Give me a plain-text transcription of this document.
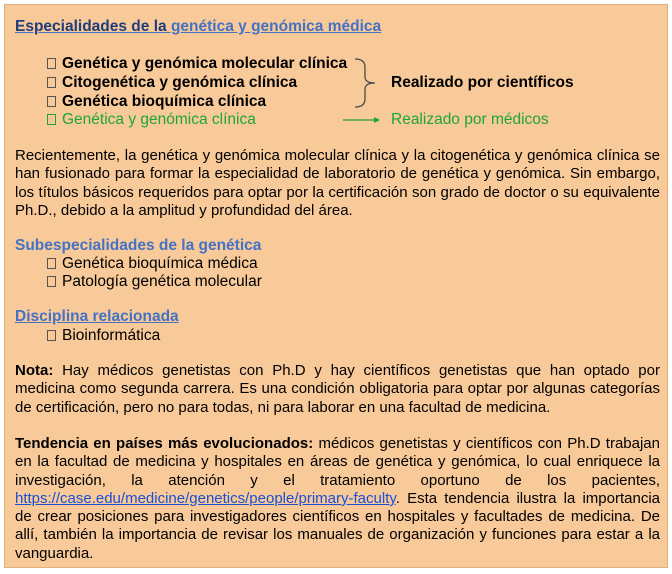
Especialidades de la genética y genómica médica
Genética y genómica molecular clínica
Citogenética y genómica clínica
Genética bioquímica clínica
Genética y genómica clínica
Realizado por científicos
Realizado por médicos

Recientemente, la genética y genómica molecular clínica y la citogenética y genómica clínica se han fusionado para formar la especialidad de laboratorio de genética y genómica. Sin embargo, los títulos básicos requeridos para optar por la certificación son grado de doctor o su equivalente Ph.D., debido a la amplitud y profundidad del área.

Subespecialidades de la genética
Genética bioquímica médica
Patología genética molecular
Disciplina relacionada
Bioinformática

Nota: Hay médicos genetistas con Ph.D y hay científicos genetistas que han optado por medicina como segunda carrera. Es una condición obligatoria para optar por algunas categorías de certificación, pero no para todas, ni para laborar en una facultad de medicina.

Tendencia en países más evolucionados: médicos genetistas y científicos con Ph.D trabajan en la facultad de medicina y hospitales en áreas de genética y genómica, lo cual enriquece la investigación, la atención y el tratamiento oportuno de los pacientes, https://case.edu/medicine/genetics/people/primary-faculty. Esta tendencia ilustra la importancia de crear posiciones para investigadores científicos en hospitales y facultades de medicina. De allí, también la importancia de revisar los manuales de organización y funciones para estar a la vanguardia.
